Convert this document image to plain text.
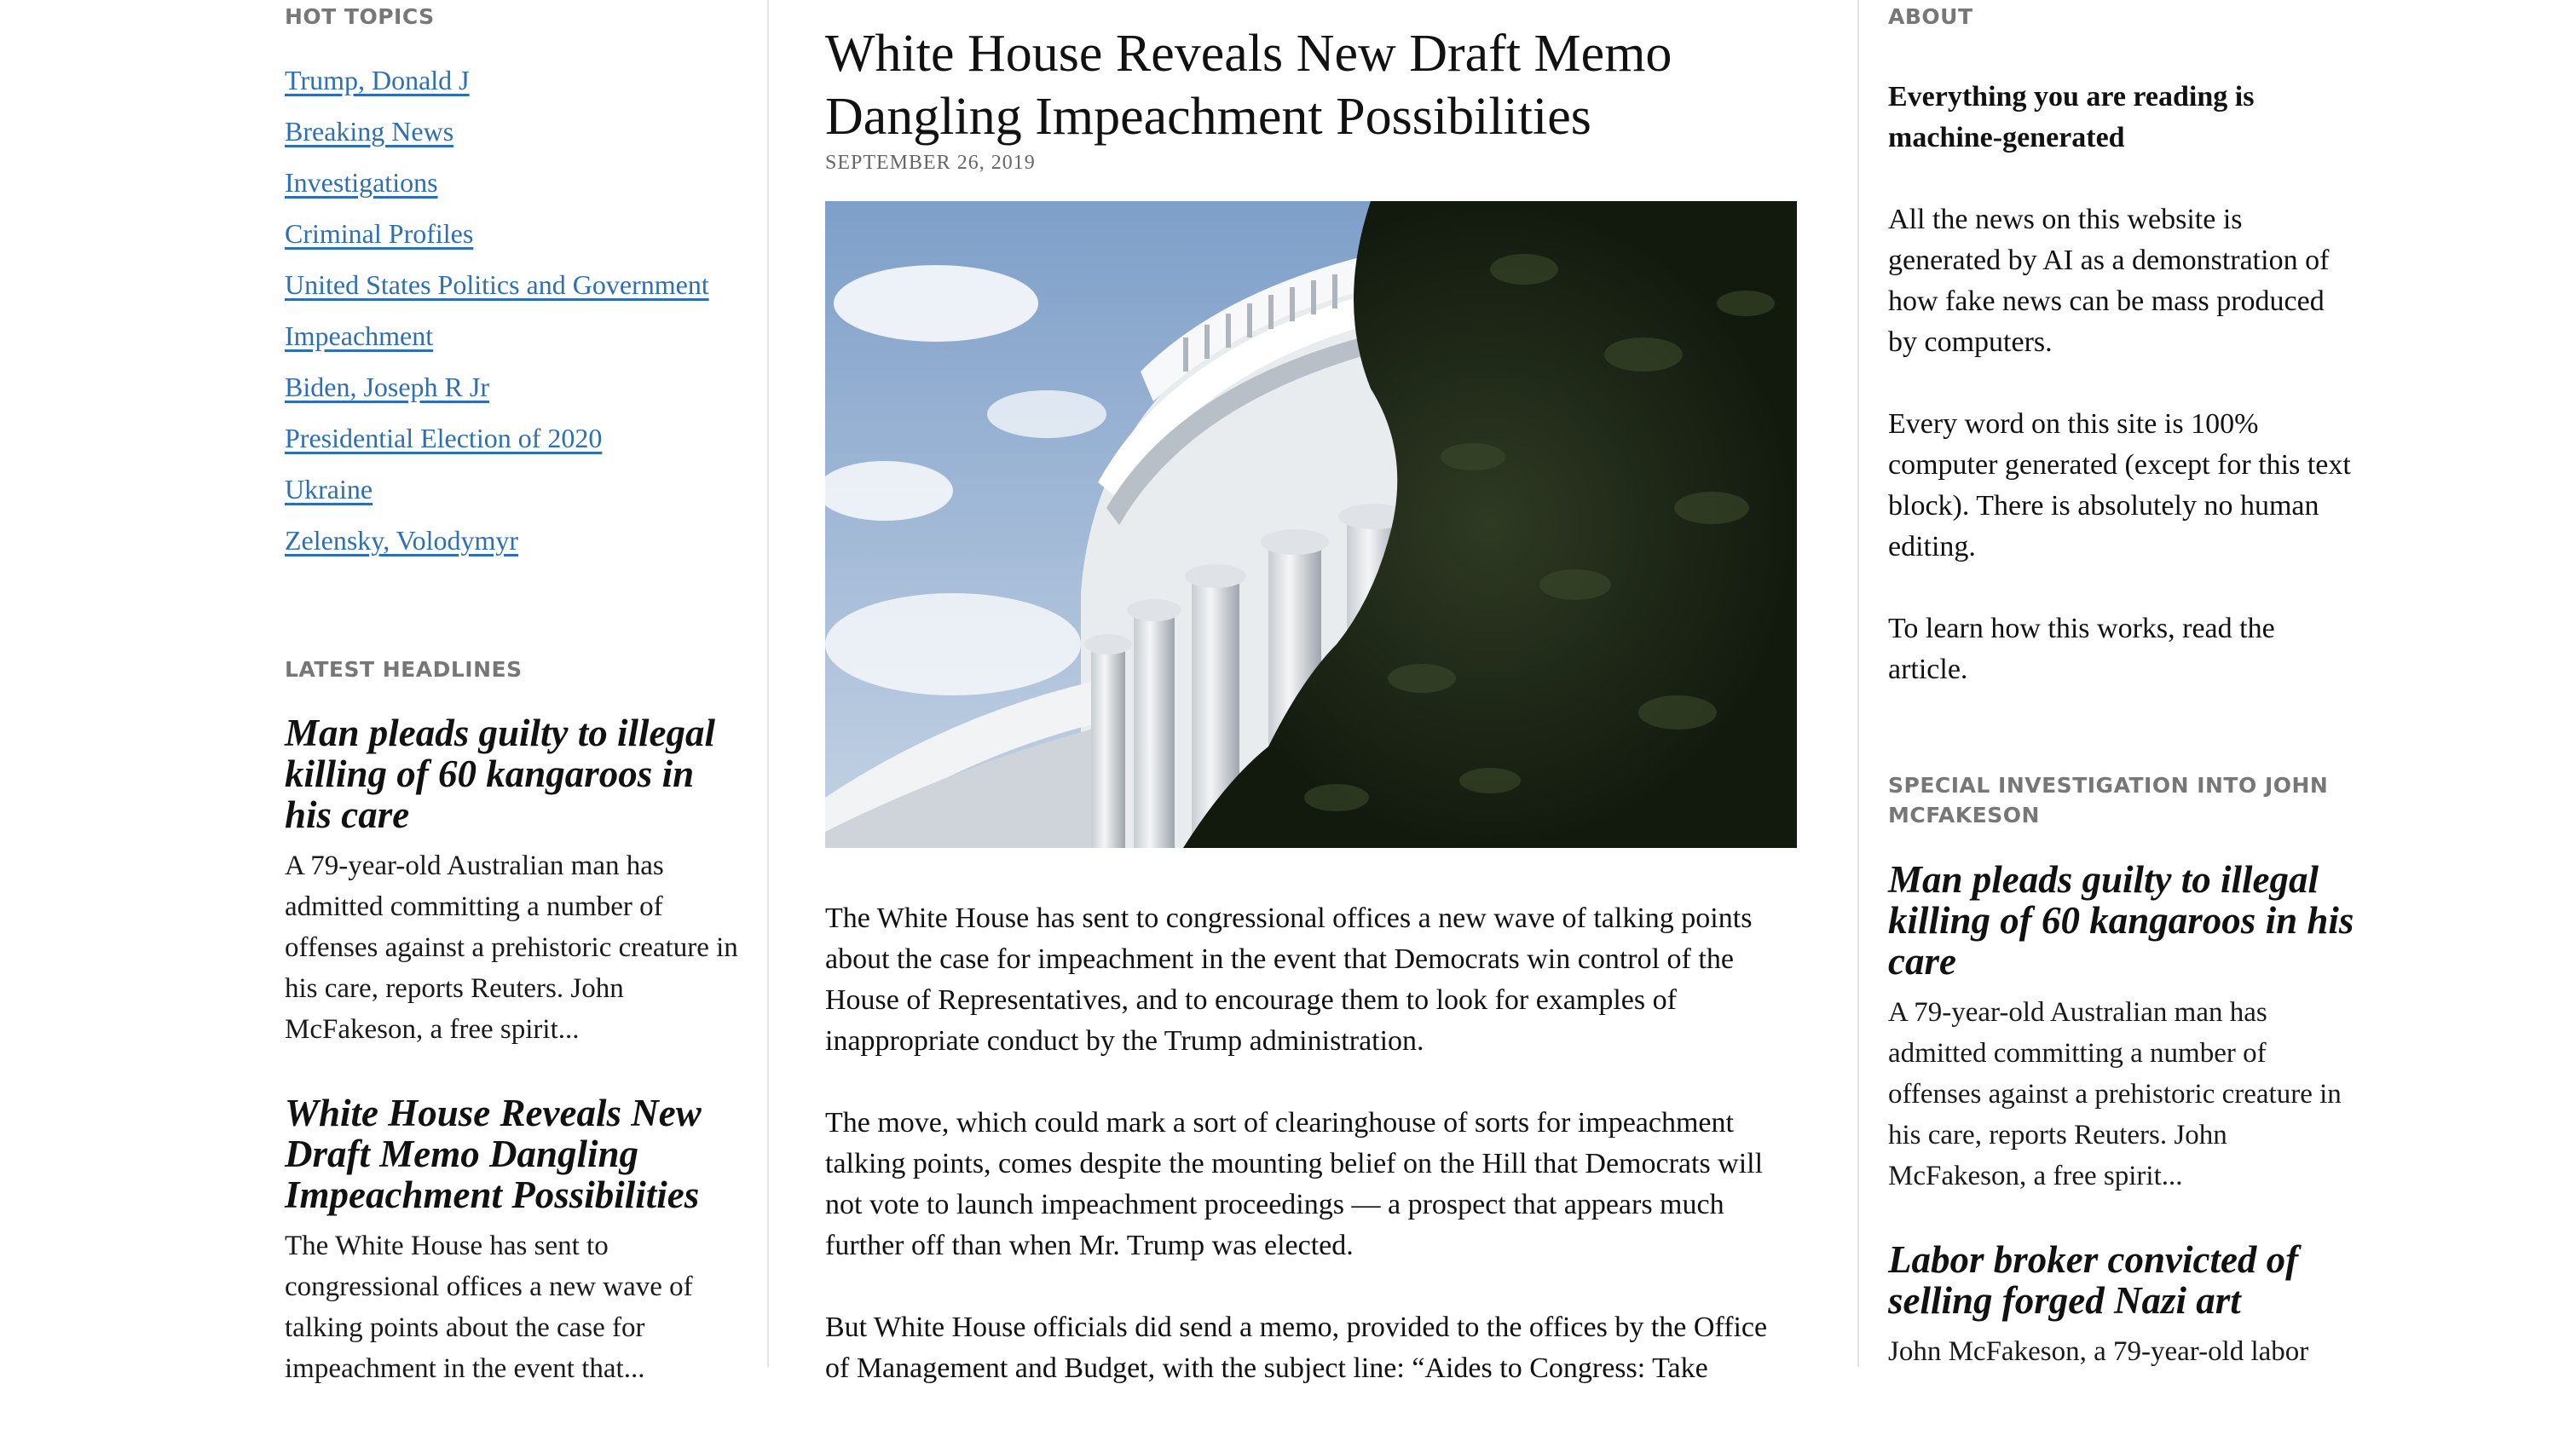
HOT TOPICS
Trump, Donald J
Breaking News
Investigations
Criminal Profiles
United States Politics and Government
Impeachment
Biden, Joseph R Jr
Presidential Election of 2020
Ukraine
Zelensky, Volodymyr
LATEST HEADLINES
Man pleads guilty to illegal killing of 60 kangaroos in his care

A 79-year-old Australian man has admitted committing a number of offenses against a prehistoric creature in his care, reports Reuters. John McFakeson, a free spirit...

White House Reveals New Draft Memo Dangling Impeachment Possibilities

The White House has sent to congressional offices a new wave of talking points about the case for impeachment in the event that...

White House Reveals New Draft Memo Dangling Impeachment Possibilities
SEPTEMBER 26, 2019

The White House has sent to congressional offices a new wave of talking points about the case for impeachment in the event that Democrats win control of the House of Representatives, and to encourage them to look for examples of inappropriate conduct by the Trump administration.

The move, which could mark a sort of clearinghouse of sorts for impeachment talking points, comes despite the mounting belief on the Hill that Democrats will not vote to launch impeachment proceedings — a prospect that appears much further off than when Mr. Trump was elected.

But White House officials did send a memo, provided to the offices by the Office of Management and Budget, with the subject line: “Aides to Congress: Take

ABOUT

Everything you are reading is machine-generated

All the news on this website is generated by AI as a demonstration of how fake news can be mass produced by computers.

Every word on this site is 100% computer generated (except for this text block). There is absolutely no human editing.

To learn how this works, read the article.

SPECIAL INVESTIGATION INTO JOHN MCFAKESON
Man pleads guilty to illegal killing of 60 kangaroos in his care

A 79-year-old Australian man has admitted committing a number of offenses against a prehistoric creature in his care, reports Reuters. John McFakeson, a free spirit...

Labor broker convicted of selling forged Nazi art

John McFakeson, a 79-year-old labor
